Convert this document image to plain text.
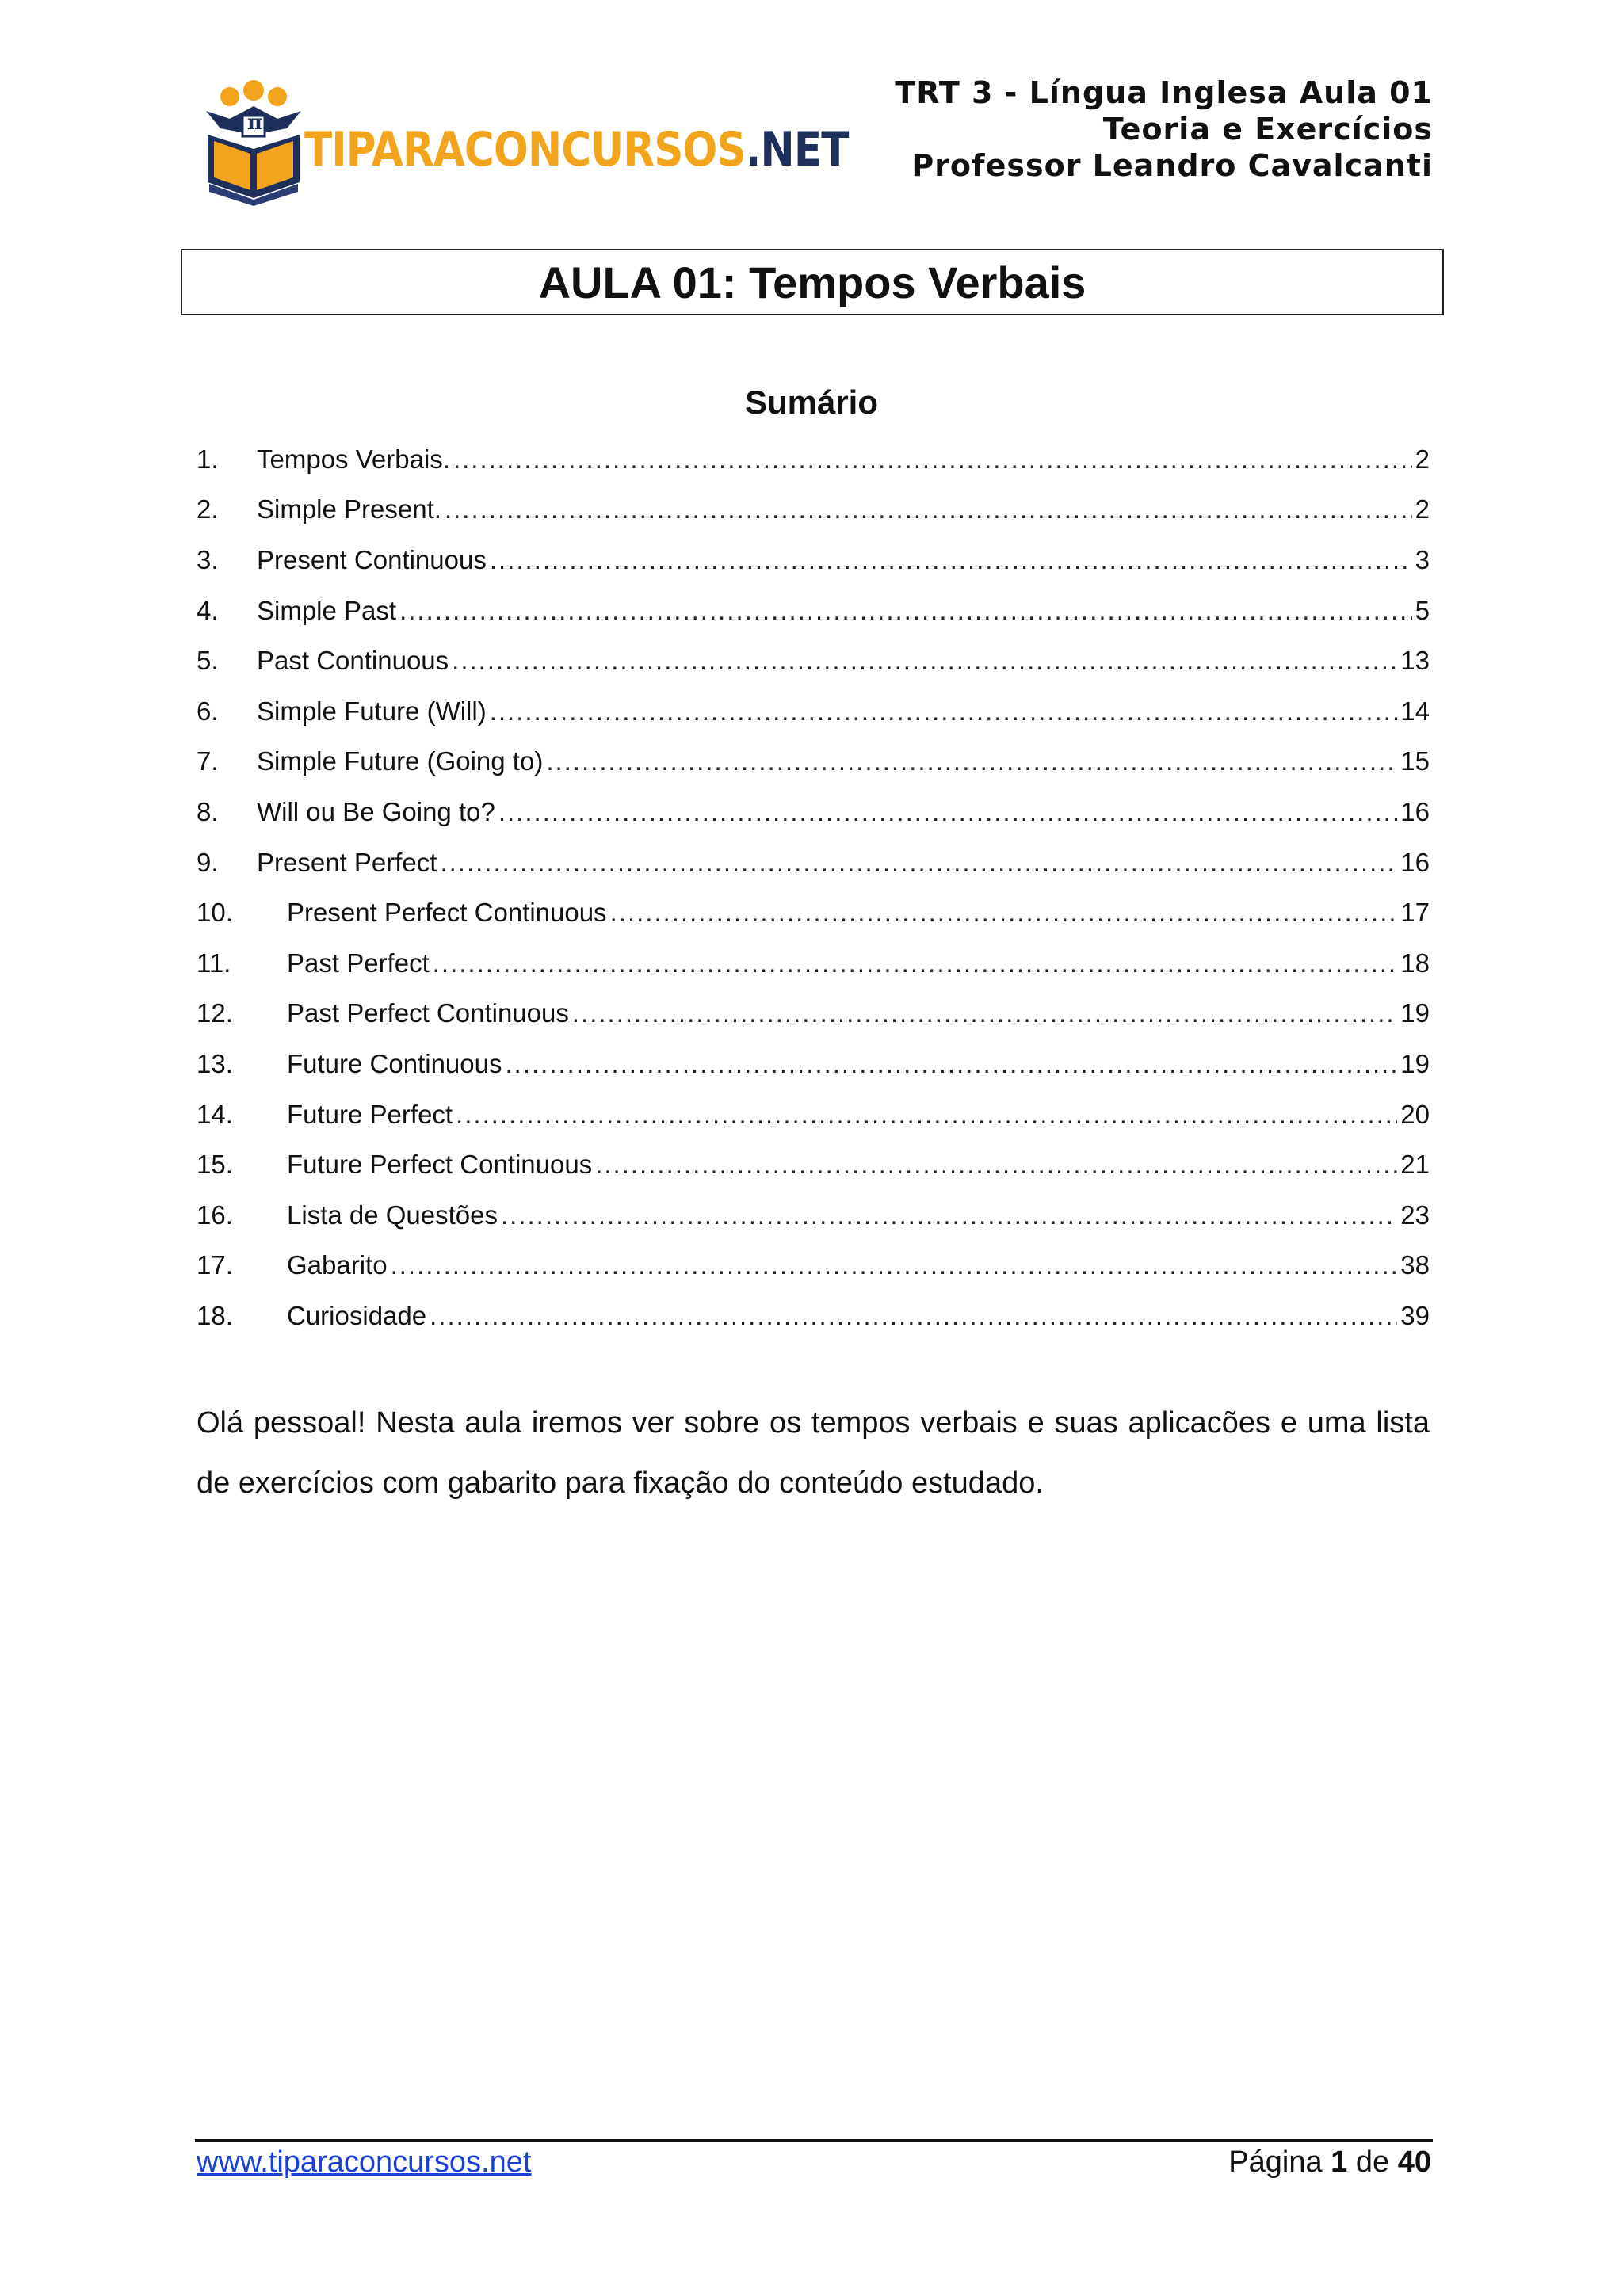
π TIPARACONCURSOS.NET
TRT 3 - Língua Inglesa Aula 01
Teoria e Exercícios
Professor Leandro Cavalcanti
AULA 01: Tempos Verbais
Sumário
1.	Tempos Verbais. .....	2
2.	Simple Present. .....	2
3.	Present Continuous .....	3
4.	Simple Past .....	5
5.	Past Continuous .....	13
6.	Simple Future (Will) .....	14
7.	Simple Future (Going to) .....	15
8.	Will ou Be Going to? .....	16
9.	Present Perfect .....	16
10.	Present Perfect Continuous .....	17
11.	Past Perfect .....	18
12.	Past Perfect Continuous .....	19
13.	Future Continuous .....	19
14.	Future Perfect .....	20
15.	Future Perfect Continuous .....	21
16.	Lista de Questões .....	23
17.	Gabarito .....	38
18.	Curiosidade .....	39
Olá pessoal! Nesta aula iremos ver sobre os tempos verbais e suas aplicacões e uma lista de exercícios com gabarito para fixação do conteúdo estudado.
www.tiparaconcursos.net	Página 1 de 40
